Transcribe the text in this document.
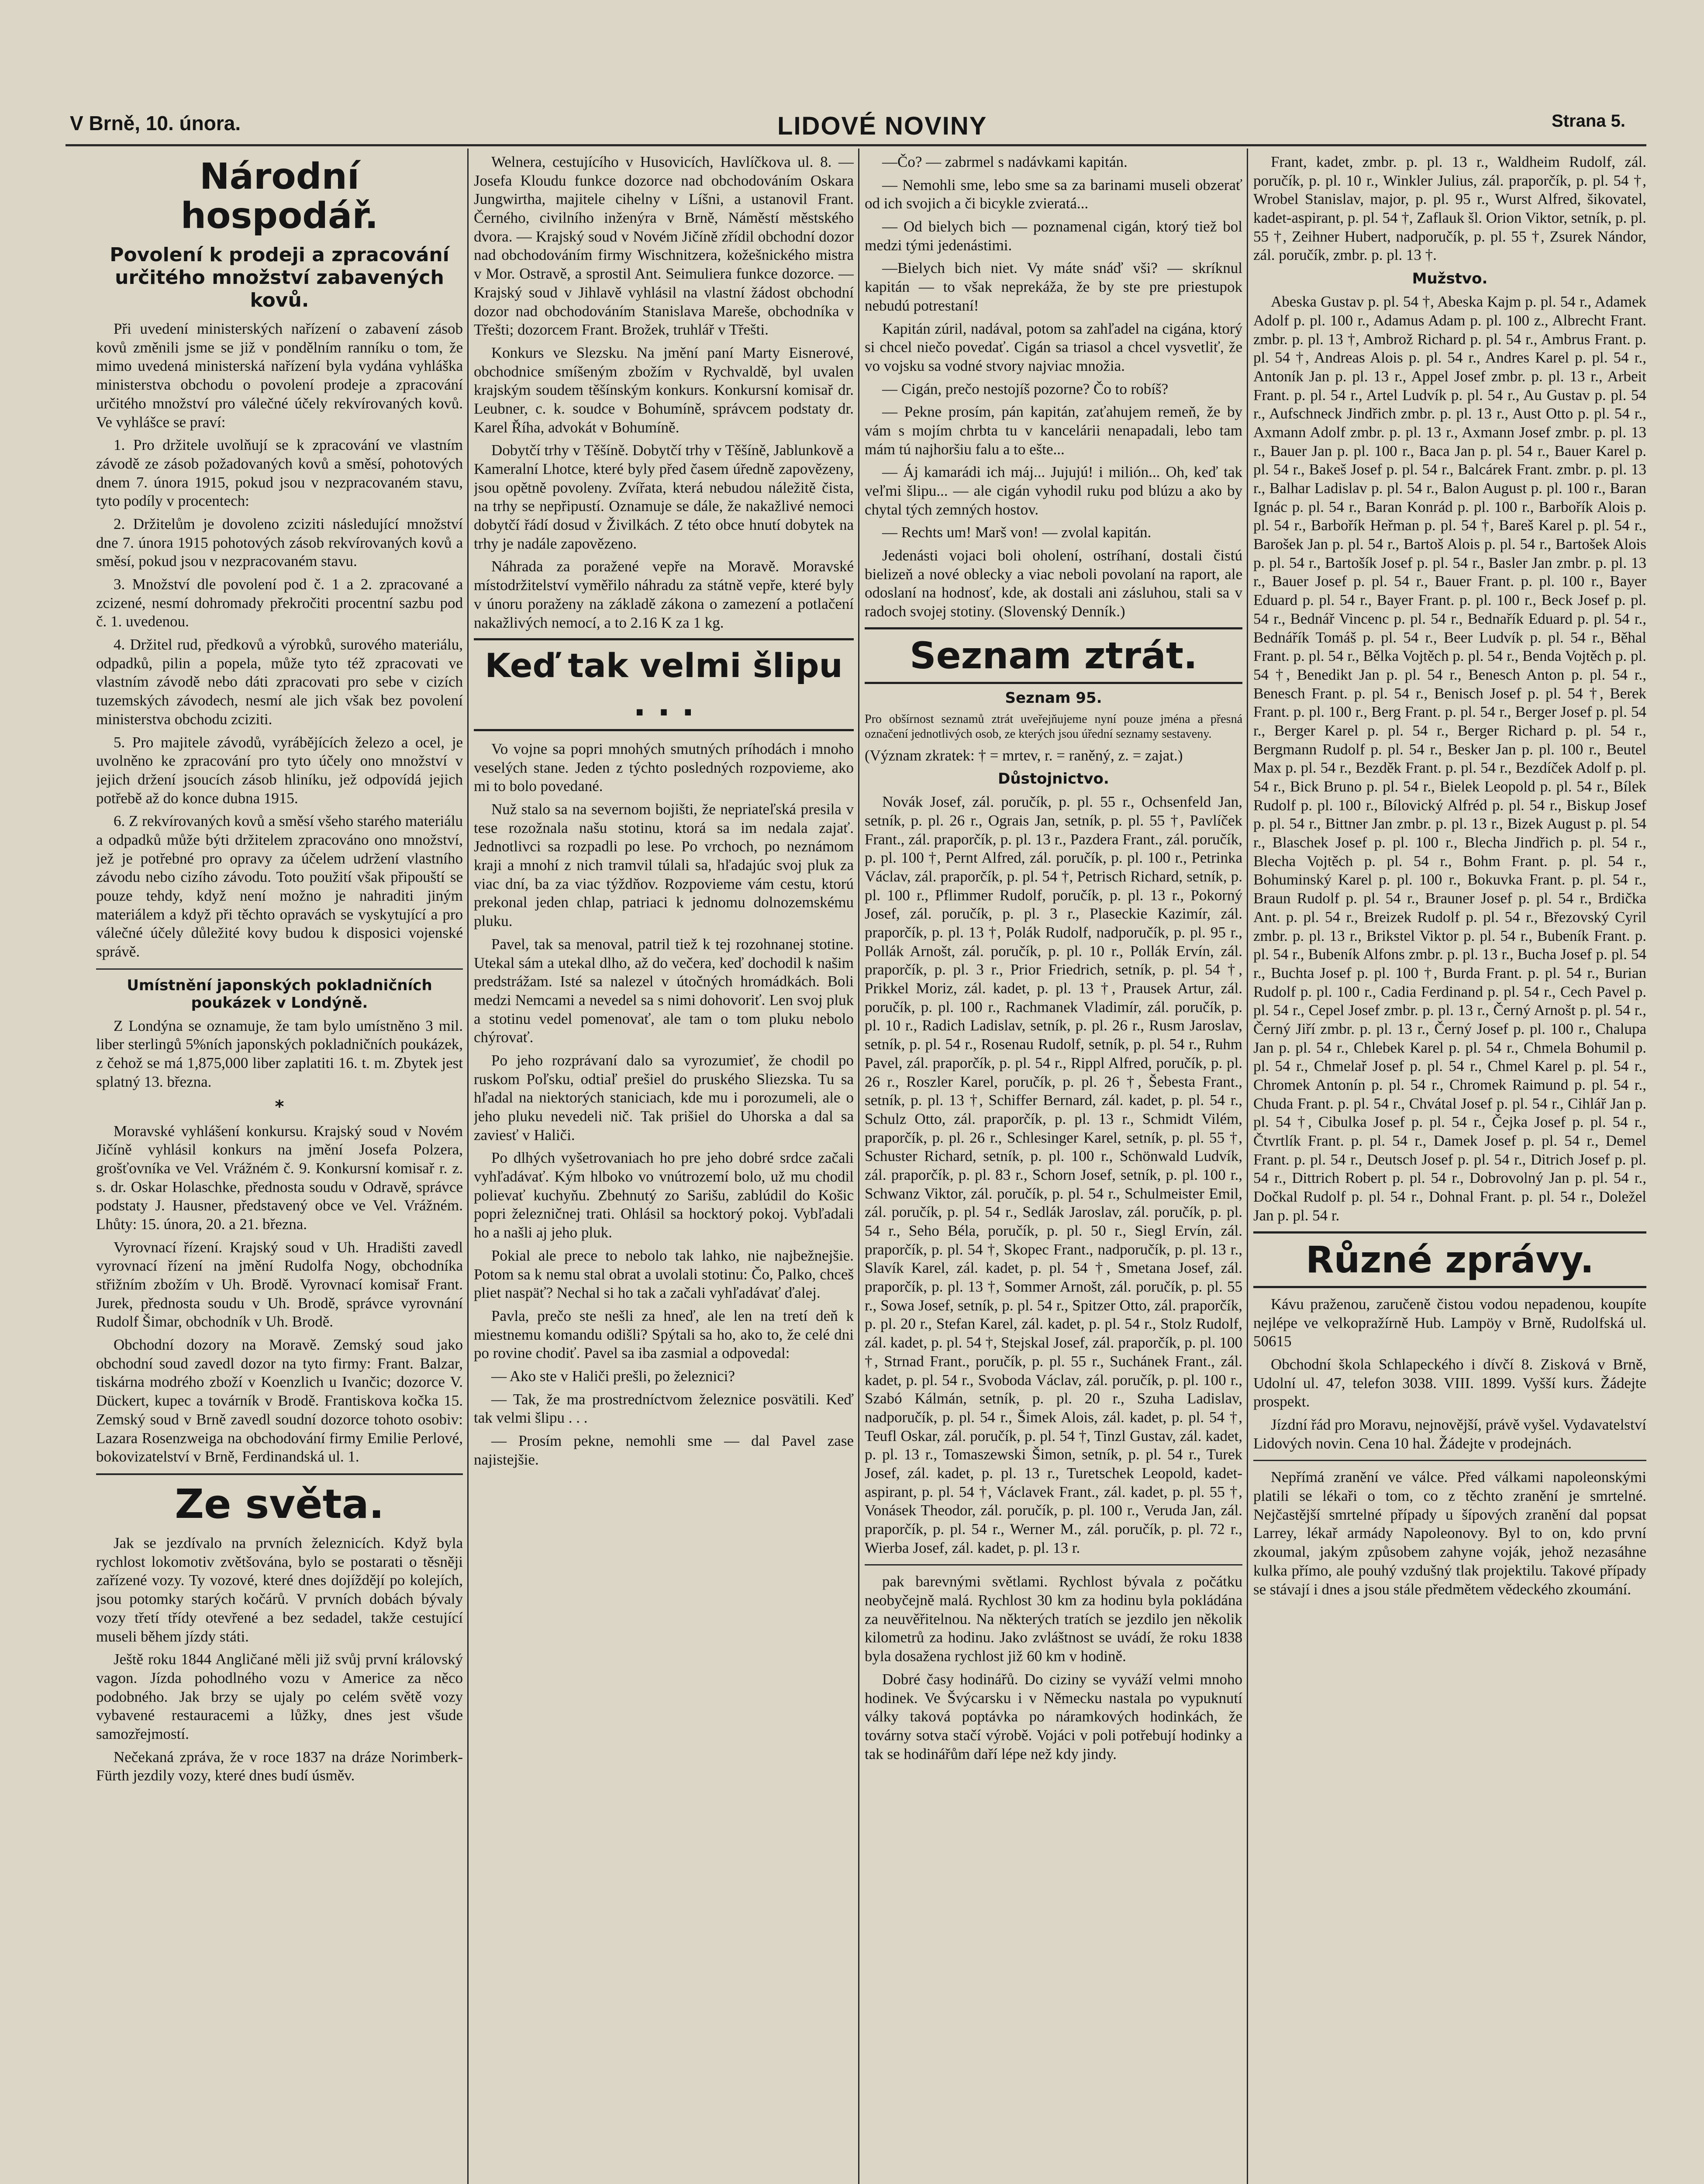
V Brně, 10. února.	LIDOVÉ NOVINY	Strana 5.
Národní hospodář.
Povolení k prodeji a zpracování určitého množství zabavených kovů.

Při uvedení ministerských nařízení o zabavení zásob kovů změnili jsme se již v pondělním ranníku o tom, že mimo uvedená ministerská nařízení byla vydána vyhláška ministerstva obchodu o povolení prodeje a zpracování určitého množství pro válečné účely rekvírovaných kovů. Ve vyhlášce se praví:

1. Pro držitele uvolňují se k zpracování ve vlastním závodě ze zásob požadovaných kovů a směsí, pohotových dnem 7. února 1915, pokud jsou v nezpracovaném stavu, tyto podíly v procentech:

2. Držitelům je dovoleno zciziti následující množství dne 7. února 1915 pohotových zásob rekvírovaných kovů a směsí, pokud jsou v nezpracovaném stavu.

3. Množství dle povolení pod č. 1 a 2. zpracované a zcizené, nesmí dohromady překročiti procentní sazbu pod č. 1. uvedenou.

4. Držitel rud, předkovů a výrobků, surového materiálu, odpadků, pilin a popela, může tyto též zpracovati ve vlastním závodě nebo dáti zpracovati pro sebe v cizích tuzemských závodech, nesmí ale jich však bez povolení ministerstva obchodu zciziti.

5. Pro majitele závodů, vyrábějících železo a ocel, je uvolněno ke zpracování pro tyto účely ono množství v jejich držení jsoucích zásob hliníku, jež odpovídá jejich potřebě až do konce dubna 1915.

6. Z rekvírovaných kovů a směsí všeho starého materiálu a odpadků může býti držitelem zpracováno ono množství, jež je potřebné pro opravy za účelem udržení vlastního závodu nebo cizího závodu. Toto použití však připouští se pouze tehdy, když není možno je nahraditi jiným materiálem a když při těchto opravách se vyskytující a pro válečné účely důležité kovy budou k disposici vojenské správě.

Umístnění japonských pokladničních poukázek v Londýně.

Z Londýna se oznamuje, že tam bylo umístněno 3 mil. liber sterlingů 5%ních japonských pokladničních poukázek, z čehož se má 1,875,000 liber zaplatiti 16. t. m. Zbytek jest splatný 13. března.

*

Moravské vyhlášení konkursu. Krajský soud v Novém Jičíně vyhlásil konkurs na jmění Josefa Polzera, grošťovníka ve Vel. Vrážném č. 9. Konkursní komisař r. z. s. dr. Oskar Holaschke, přednosta soudu v Odravě, správce podstaty J. Hausner, představený obce ve Vel. Vrážném. Lhůty: 15. února, 20. a 21. března.

Vyrovnací řízení. Krajský soud v Uh. Hradišti zavedl vyrovnací řízení na jmění Rudolfa Nogy, obchodníka střižním zbožím v Uh. Brodě. Vyrovnací komisař Frant. Jurek, přednosta soudu v Uh. Brodě, správce vyrovnání Rudolf Šimar, obchodník v Uh. Brodě.

Obchodní dozory na Moravě. Zemský soud jako obchodní soud zavedl dozor na tyto firmy: Frant. Balzar, tiskárna modrého zboží v Koenzlich u Ivančic; dozorce V. Dückert, kupec a továrník v Brodě. Frantiskova kočka 15. Zemský soud v Brně zavedl soudní dozorce tohoto osobiv: Lazara Rosenzweiga na obchodování firmy Emilie Perlové, bokovizatelství v Brně, Ferdinandská ul. 1.

Ze světa.

Jak se jezdívalo na prvních železnicích. Když byla rychlost lokomotiv zvětšována, bylo se postarati o těsněji zařízené vozy. Ty vozové, které dnes dojíždějí po kolejích, jsou potomky starých kočárů. V prvních dobách bývaly vozy třetí třídy otevřené a bez sedadel, takže cestující museli během jízdy státi.

Ještě roku 1844 Angličané měli již svůj první královský vagon. Jízda pohodlného vozu v Americe za něco podobného. Jak brzy se ujaly po celém světě vozy vybavené restauracemi a lůžky, dnes jest všude samozřejmostí.

Nečekaná zpráva, že v roce 1837 na dráze Norimberk-Fürth jezdily vozy, které dnes budí úsměv.

Welnera, cestujícího v Husovicích, Havlíčkova ul. 8. — Josefa Kloudu funkce dozorce nad obchodováním Oskara Jungwirtha, majitele cihelny v Líšni, a ustanovil Frant. Černého, civilního inženýra v Brně, Náměstí městského dvora. — Krajský soud v Novém Jičíně zřídil obchodní dozor nad obchodováním firmy Wischnitzera, kožešnického mistra v Mor. Ostravě, a sprostil Ant. Seimuliera funkce dozorce. — Krajský soud v Jihlavě vyhlásil na vlastní žádost obchodní dozor nad obchodováním Stanislava Mareše, obchodníka v Třešti; dozorcem Frant. Brožek, truhlář v Třešti.

Konkurs ve Slezsku. Na jmění paní Marty Eisnerové, obchodnice smíšeným zbožím v Rychvaldě, byl uvalen krajským soudem těšínským konkurs. Konkursní komisař dr. Leubner, c. k. soudce v Bohumíně, správcem podstaty dr. Karel Říha, advokát v Bohumíně.

Dobytčí trhy v Těšíně. Dobytčí trhy v Těšíně, Jablunkově a Kameralní Lhotce, které byly před časem úředně zapovězeny, jsou opětně povoleny. Zvířata, která nebudou náležitě čista, na trhy se nepřipustí. Oznamuje se dále, že nakažlivé nemoci dobytčí řádí dosud v Živilkách. Z této obce hnutí dobytek na trhy je nadále zapovězeno.

Náhrada za poražené vepře na Moravě. Moravské místodržitelství vyměřilo náhradu za státně vepře, které byly v únoru poraženy na základě zákona o zamezení a potlačení nakažlivých nemocí, a to 2.16 K za 1 kg.

Keď tak velmi šlipu . . .

Vo vojne sa popri mnohých smutných príhodách i mnoho veselých stane. Jeden z týchto posledných rozpovieme, ako mi to bolo povedané.

Nuž stalo sa na severnom bojišti, že nepriateľská presila v tese rozožnala našu stotinu, ktorá sa im nedala zajať. Jednotlivci sa rozpadli po lese. Po vrchoch, po neznámom kraji a mnohí z nich tramvil túlali sa, hľadajúc svoj pluk za viac dní, ba za viac týždňov. Rozpovieme vám cestu, ktorú prekonal jeden chlap, patriaci k jednomu dolnozemskému pluku.

Pavel, tak sa menoval, patril tiež k tej rozohnanej stotine. Utekal sám a utekal dlho, až do večera, keď dochodil k našim predstrážam. Isté sa nalezel v útočných hromádkách. Boli medzi Nemcami a nevedel sa s nimi dohovoriť. Len svoj pluk a stotinu vedel pomenovať, ale tam o tom pluku nebolo chýrovať.

Po jeho rozprávaní dalo sa vyrozumieť, že chodil po ruskom Poľsku, odtiaľ prešiel do pruského Sliezska. Tu sa hľadal na niektorých staniciach, kde mu i porozumeli, ale o jeho pluku nevedeli nič. Tak prišiel do Uhorska a dal sa zaviesť v Haliči.

Po dlhých vyšetrovaniach ho pre jeho dobré srdce začali vyhľadávať. Kým hlboko vo vnútrozemí bolo, už mu chodil polievať kuchyňu. Zbehnutý zo Sarišu, zablúdil do Košic popri železničnej trati. Ohlásil sa hocktorý pokoj. Vybľadali ho a našli aj jeho pluk.

Pokial ale prece to nebolo tak lahko, nie najbežnejšie. Potom sa k nemu stal obrat a uvolali stotinu: Čo, Palko, chceš pliet naspäť? Nechal si ho tak a začali vyhľadávať ďalej.

Pavla, prečo ste nešli za hneď, ale len na tretí deň k miestnemu komandu odišli? Spýtali sa ho, ako to, že celé dni po rovine chodiť. Pavel sa iba zasmial a odpovedal:

— Ako ste v Haliči prešli, po železnici?

— Tak, že ma prostredníctvom železnice posvätili. Keď tak velmi šlipu . . .

— Prosím pekne, nemohli sme — dal Pavel zase najistejšie.

—Čo? — zabrmel s nadávkami kapitán.

— Nemohli sme, lebo sme sa za barinami museli obzerať od ich svojich a či bicykle zvieratá...

— Od bielych bich — poznamenal cigán, ktorý tiež bol medzi tými jedenástimi.

—Bielych bich niet. Vy máte snáď vši? — skríknul kapitán — to však neprekáža, že by ste pre priestupok nebudú potrestaní!

Kapitán zúril, nadával, potom sa zahľadel na cigána, ktorý si chcel niečo povedať. Cigán sa triasol a chcel vysvetliť, že vo vojsku sa vodné stvory najviac množia.

— Cigán, prečo nestojíš pozorne? Čo to robíš?

— Pekne prosím, pán kapitán, zaťahujem remeň, že by vám s mojím chrbta tu v kancelárii nenapadali, lebo tam mám tú najhoršiu falu a to ešte...

— Áj kamarádi ich máj... Jujujú! i milión... Oh, keď tak veľmi šlipu... — ale cigán vyhodil ruku pod blúzu a ako by chytal tých zemných hostov.

— Rechts um! Marš von! — zvolal kapitán.

Jedenásti vojaci boli oholení, ostríhaní, dostali čistú bielizeň a nové oblecky a viac neboli povolaní na raport, ale odoslaní na hodnosť, kde, ak dostali ani zásluhou, stali sa v radoch svojej stotiny. (Slovenský Denník.)

Seznam ztrát.
Seznam 95.

Pro obšírnost seznamů ztrát uveřejňujeme nyní pouze jména a přesná označení jednotlivých osob, ze kterých jsou úřední seznamy sestaveny.

(Význam zkratek: † = mrtev, r. = raněný, z. = zajat.)

Důstojnictvo.

Novák Josef, zál. poručík, p. pl. 55 r., Ochsenfeld Jan, setník, p. pl. 26 r., Ograis Jan, setník, p. pl. 55 †, Pavlíček Frant., zál. praporčík, p. pl. 13 r., Pazdera Frant., zál. poručík, p. pl. 100 †, Pernt Alfred, zál. poručík, p. pl. 100 r., Petrinka Václav, zál. praporčík, p. pl. 54 †, Petrisch Richard, setník, p. pl. 100 r., Pflimmer Rudolf, poručík, p. pl. 13 r., Pokorný Josef, zál. poručík, p. pl. 3 r., Plaseckie Kazimír, zál. praporčík, p. pl. 13 †, Polák Rudolf, nadporučík, p. pl. 95 r., Pollák Arnošt, zál. poručík, p. pl. 10 r., Pollák Ervín, zál. praporčík, p. pl. 3 r., Prior Friedrich, setník, p. pl. 54 †, Prikkel Moriz, zál. kadet, p. pl. 13 †, Prausek Artur, zál. poručík, p. pl. 100 r., Rachmanek Vladimír, zál. poručík, p. pl. 10 r., Radich Ladislav, setník, p. pl. 26 r., Rusm Jaroslav, setník, p. pl. 54 r., Rosenau Rudolf, setník, p. pl. 54 r., Ruhm Pavel, zál. praporčík, p. pl. 54 r., Rippl Alfred, poručík, p. pl. 26 r., Roszler Karel, poručík, p. pl. 26 †, Šebesta Frant., setník, p. pl. 13 †, Schiffer Bernard, zál. kadet, p. pl. 54 r., Schulz Otto, zál. praporčík, p. pl. 13 r., Schmidt Vilém, praporčík, p. pl. 26 r., Schlesinger Karel, setník, p. pl. 55 †, Schuster Richard, setník, p. pl. 100 r., Schönwald Ludvík, zál. praporčík, p. pl. 83 r., Schorn Josef, setník, p. pl. 100 r., Schwanz Viktor, zál. poručík, p. pl. 54 r., Schulmeister Emil, zál. poručík, p. pl. 54 r., Sedlák Jaroslav, zál. poručík, p. pl. 54 r., Seho Béla, poručík, p. pl. 50 r., Siegl Ervín, zál. praporčík, p. pl. 54 †, Skopec Frant., nadporučík, p. pl. 13 r., Slavík Karel, zál. kadet, p. pl. 54 †, Smetana Josef, zál. praporčík, p. pl. 13 †, Sommer Arnošt, zál. poručík, p. pl. 55 r., Sowa Josef, setník, p. pl. 54 r., Spitzer Otto, zál. praporčík, p. pl. 20 r., Stefan Karel, zál. kadet, p. pl. 54 r., Stolz Rudolf, zál. kadet, p. pl. 54 †, Stejskal Josef, zál. praporčík, p. pl. 100 †, Strnad Frant., poručík, p. pl. 55 r., Suchánek Frant., zál. kadet, p. pl. 54 r., Svoboda Václav, zál. poručík, p. pl. 100 r., Szabó Kálmán, setník, p. pl. 20 r., Szuha Ladislav, nadporučík, p. pl. 54 r., Šimek Alois, zál. kadet, p. pl. 54 †, Teufl Oskar, zál. poručík, p. pl. 54 †, Tinzl Gustav, zál. kadet, p. pl. 13 r., Tomaszewski Šimon, setník, p. pl. 54 r., Turek Josef, zál. kadet, p. pl. 13 r., Turetschek Leopold, kadet-aspirant, p. pl. 54 †, Václavek Frant., zál. kadet, p. pl. 55 †, Vonásek Theodor, zál. poručík, p. pl. 100 r., Veruda Jan, zál. praporčík, p. pl. 54 r., Werner M., zál. poručík, p. pl. 72 r., Wierba Josef, zál. kadet, p. pl. 13 r.

pak barevnými světlami. Rychlost bývala z počátku neobyčejně malá. Rychlost 30 km za hodinu byla pokládána za neuvěřitelnou. Na některých tratích se jezdilo jen několik kilometrů za hodinu. Jako zvláštnost se uvádí, že roku 1838 byla dosažena rychlost již 60 km v hodině.

Dobré časy hodinářů. Do ciziny se vyváží velmi mnoho hodinek. Ve Švýcarsku i v Německu nastala po vypuknutí války taková poptávka po náramkových hodinkách, že továrny sotva stačí výrobě. Vojáci v poli potřebují hodinky a tak se hodinářům daří lépe než kdy jindy.

Frant, kadet, zmbr. p. pl. 13 r., Waldheim Rudolf, zál. poručík, p. pl. 10 r., Winkler Julius, zál. praporčík, p. pl. 54 †, Wrobel Stanislav, major, p. pl. 95 r., Wurst Alfred, šikovatel, kadet-aspirant, p. pl. 54 †, Zaflauk šl. Orion Viktor, setník, p. pl. 55 †, Zeihner Hubert, nadporučík, p. pl. 55 †, Zsurek Nándor, zál. poručík, zmbr. p. pl. 13 †.

Mužstvo.

Abeska Gustav p. pl. 54 †, Abeska Kajm p. pl. 54 r., Adamek Adolf p. pl. 100 r., Adamus Adam p. pl. 100 z., Albrecht Frant. zmbr. p. pl. 13 †, Ambrož Richard p. pl. 54 r., Ambrus Frant. p. pl. 54 †, Andreas Alois p. pl. 54 r., Andres Karel p. pl. 54 r., Antoník Jan p. pl. 13 r., Appel Josef zmbr. p. pl. 13 r., Arbeit Frant. p. pl. 54 r., Artel Ludvík p. pl. 54 r., Au Gustav p. pl. 54 r., Aufschneck Jindřich zmbr. p. pl. 13 r., Aust Otto p. pl. 54 r., Axmann Adolf zmbr. p. pl. 13 r., Axmann Josef zmbr. p. pl. 13 r., Bauer Jan p. pl. 100 r., Baca Jan p. pl. 54 r., Bauer Karel p. pl. 54 r., Bakeš Josef p. pl. 54 r., Balcárek Frant. zmbr. p. pl. 13 r., Balhar Ladislav p. pl. 54 r., Balon August p. pl. 100 r., Baran Ignác p. pl. 54 r., Baran Konrád p. pl. 100 r., Barbořík Alois p. pl. 54 r., Barbořík Heřman p. pl. 54 †, Bareš Karel p. pl. 54 r., Barošek Jan p. pl. 54 r., Bartoš Alois p. pl. 54 r., Bartošek Alois p. pl. 54 r., Bartošík Josef p. pl. 54 r., Basler Jan zmbr. p. pl. 13 r., Bauer Josef p. pl. 54 r., Bauer Frant. p. pl. 100 r., Bayer Eduard p. pl. 54 r., Bayer Frant. p. pl. 100 r., Beck Josef p. pl. 54 r., Bednář Vincenc p. pl. 54 r., Bednařík Eduard p. pl. 54 r., Bednářík Tomáš p. pl. 54 r., Beer Ludvík p. pl. 54 r., Běhal Frant. p. pl. 54 r., Bělka Vojtěch p. pl. 54 r., Benda Vojtěch p. pl. 54 †, Benedikt Jan p. pl. 54 r., Benesch Anton p. pl. 54 r., Benesch Frant. p. pl. 54 r., Benisch Josef p. pl. 54 †, Berek Frant. p. pl. 100 r., Berg Frant. p. pl. 54 r., Berger Josef p. pl. 54 r., Berger Karel p. pl. 54 r., Berger Richard p. pl. 54 r., Bergmann Rudolf p. pl. 54 r., Besker Jan p. pl. 100 r., Beutel Max p. pl. 54 r., Bezděk Frant. p. pl. 54 r., Bezdíček Adolf p. pl. 54 r., Bick Bruno p. pl. 54 r., Bielek Leopold p. pl. 54 r., Bílek Rudolf p. pl. 100 r., Bílovický Alfréd p. pl. 54 r., Biskup Josef p. pl. 54 r., Bittner Jan zmbr. p. pl. 13 r., Bizek August p. pl. 54 r., Blaschek Josef p. pl. 100 r., Blecha Jindřich p. pl. 54 r., Blecha Vojtěch p. pl. 54 r., Bohm Frant. p. pl. 54 r., Bohuminský Karel p. pl. 100 r., Bokuvka Frant. p. pl. 54 r., Braun Rudolf p. pl. 54 r., Brauner Josef p. pl. 54 r., Brdička Ant. p. pl. 54 r., Breizek Rudolf p. pl. 54 r., Březovský Cyril zmbr. p. pl. 13 r., Brikstel Viktor p. pl. 54 r., Bubeník Frant. p. pl. 54 r., Bubeník Alfons zmbr. p. pl. 13 r., Bucha Josef p. pl. 54 r., Buchta Josef p. pl. 100 †, Burda Frant. p. pl. 54 r., Burian Rudolf p. pl. 100 r., Cadia Ferdinand p. pl. 54 r., Cech Pavel p. pl. 54 r., Cepel Josef zmbr. p. pl. 13 r., Černý Arnošt p. pl. 54 r., Černý Jiří zmbr. p. pl. 13 r., Černý Josef p. pl. 100 r., Chalupa Jan p. pl. 54 r., Chlebek Karel p. pl. 54 r., Chmela Bohumil p. pl. 54 r., Chmelař Josef p. pl. 54 r., Chmel Karel p. pl. 54 r., Chromek Antonín p. pl. 54 r., Chromek Raimund p. pl. 54 r., Chuda Frant. p. pl. 54 r., Chvátal Josef p. pl. 54 r., Cihlář Jan p. pl. 54 †, Cibulka Josef p. pl. 54 r., Čejka Josef p. pl. 54 r., Čtvrtlík Frant. p. pl. 54 r., Damek Josef p. pl. 54 r., Demel Frant. p. pl. 54 r., Deutsch Josef p. pl. 54 r., Ditrich Josef p. pl. 54 r., Dittrich Robert p. pl. 54 r., Dobrovolný Jan p. pl. 54 r., Dočkal Rudolf p. pl. 54 r., Dohnal Frant. p. pl. 54 r., Doležel Jan p. pl. 54 r.

Různé zprávy.

Kávu praženou, zaručeně čistou vodou nepadenou, koupíte nejlépe ve velkopražírně Hub. Lampöy v Brně, Rudolfská ul. 50615

Obchodní škola Schlapeckého i dívčí 8. Zisková v Brně, Udolní ul. 47, telefon 3038. VIII. 1899. Vyšší kurs. Žádejte prospekt.

Jízdní řád pro Moravu, nejnovější, právě vyšel. Vydavatelství Lidových novin. Cena 10 hal. Žádejte v prodejnách.

Nepřímá zranění ve válce. Před válkami napoleonskými platili se lékaři o tom, co z těchto zranění je smrtelné. Nejčastější smrtelné případy u šípových zranění dal popsat Larrey, lékař armády Napoleonovy. Byl to on, kdo první zkoumal, jakým způsobem zahyne voják, jehož nezasáhne kulka přímo, ale pouhý vzdušný tlak projektilu. Takové případy se stávají i dnes a jsou stále předmětem vědeckého zkoumání.
